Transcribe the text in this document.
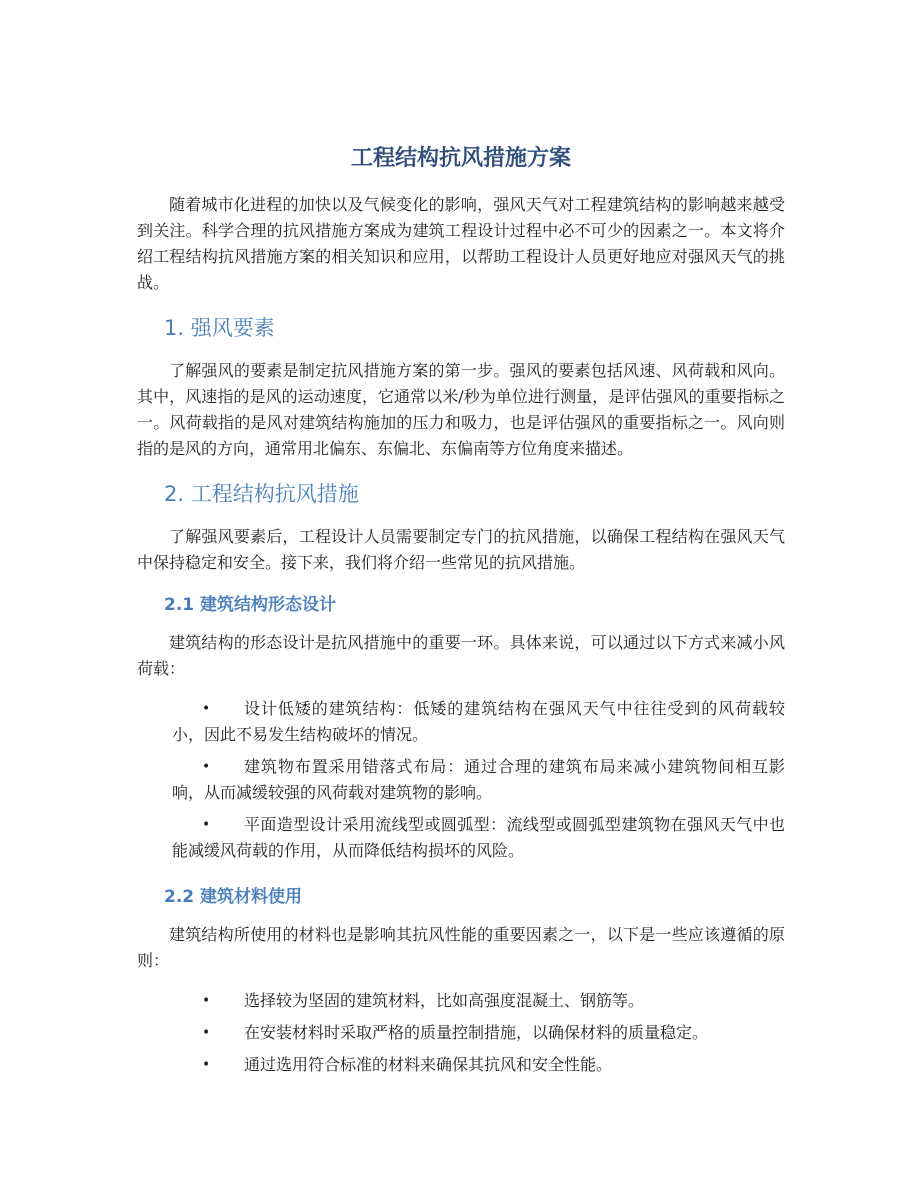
工程结构抗风措施方案

随着城市化进程的加快以及气候变化的影响，强风天气对工程建筑结构的影响越来越受到关注。科学合理的抗风措施方案成为建筑工程设计过程中必不可少的因素之一。本文将介绍工程结构抗风措施方案的相关知识和应用，以帮助工程设计人员更好地应对强风天气的挑战。

1. 强风要素

了解强风的要素是制定抗风措施方案的第一步。强风的要素包括风速、风荷载和风向。其中，风速指的是风的运动速度，它通常以米/秒为单位进行测量，是评估强风的重要指标之一。风荷载指的是风对建筑结构施加的压力和吸力，也是评估强风的重要指标之一。风向则指的是风的方向，通常用北偏东、东偏北、东偏南等方位角度来描述。

2. 工程结构抗风措施

了解强风要素后，工程设计人员需要制定专门的抗风措施，以确保工程结构在强风天气中保持稳定和安全。接下来，我们将介绍一些常见的抗风措施。

2.1 建筑结构形态设计

建筑结构的形态设计是抗风措施中的重要一环。具体来说，可以通过以下方式来减小风荷载：

• 设计低矮的建筑结构：低矮的建筑结构在强风天气中往往受到的风荷载较小，因此不易发生结构破坏的情况。
• 建筑物布置采用错落式布局：通过合理的建筑布局来减小建筑物间相互影响，从而减缓较强的风荷载对建筑物的影响。
• 平面造型设计采用流线型或圆弧型：流线型或圆弧型建筑物在强风天气中也能减缓风荷载的作用，从而降低结构损坏的风险。
2.2 建筑材料使用

建筑结构所使用的材料也是影响其抗风性能的重要因素之一，以下是一些应该遵循的原则：

• 选择较为坚固的建筑材料，比如高强度混凝土、钢筋等。
• 在安装材料时采取严格的质量控制措施，以确保材料的质量稳定。
• 通过选用符合标准的材料来确保其抗风和安全性能。
